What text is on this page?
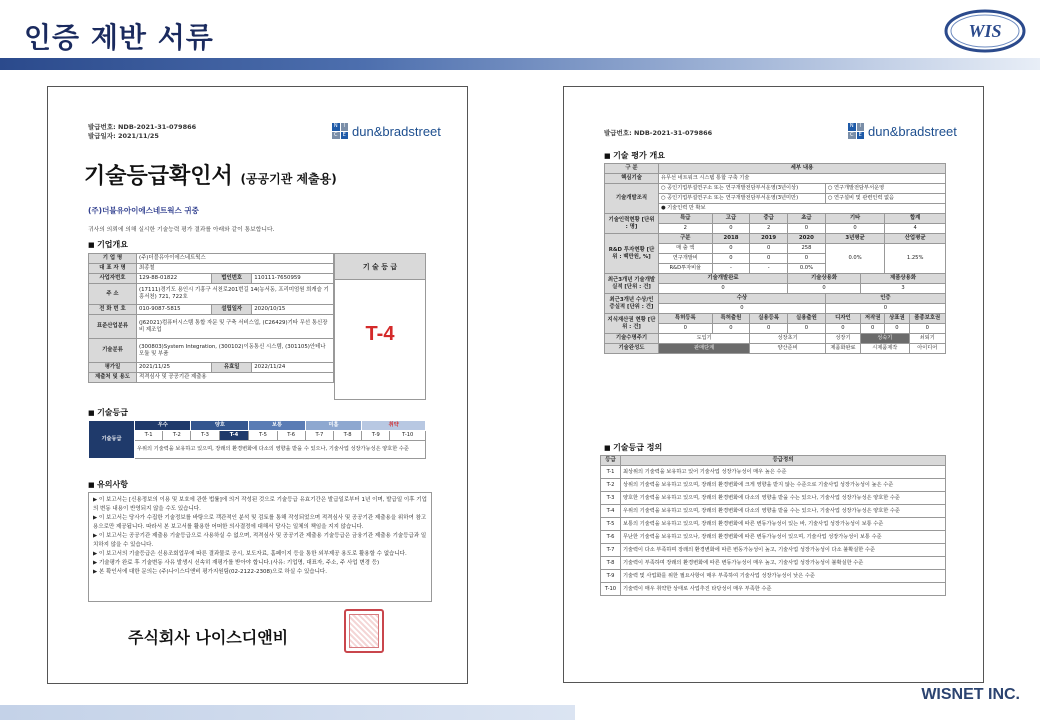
인증 제반 서류	WIS
발급번호: NDB-2021-31-079866
발급일자: 2021/11/25
N	I
C	E dun&bradstreet
기술등급확인서 (공공기관 제출용)
(주)더블유아이에스네트웍스 귀중
귀사의 의뢰에 의해 실시한 기술능력 평가 결과를 아래와 같이 통보합니다.
■ 기업개요
기 업 명	(주)더블유아이에스네트웍스		
대 표 자 명	최종철		
사업자번호	129-88-01822	법인번호	110111-7650959
주 소	(17111)경기도 용인시 기흥구 서천로201번길 14(농서동, 프리미엄원 희캐슬 기흥서천) 721, 722호		
전 화 번 호	010-9087-5815	설립일자	2020/10/15
표준산업분류	(J62021)컴퓨터시스템 통합 자문 및 구축 서비스업, (C26429)기타 무선 통신장비 제조업		
기술분류	(300803)System Integration, (300102)이동통신 시스템, (301105)안테나 모듈 및 부품		
평가일	2021/11/25	유효일	2022/11/24
제출처 및 용도	적격심사 및 공공기관 제출용		
기 술 등 급
T-4
■ 기술등급
기술등급	우수		양호		보통		미흡		취약	
	T-1	T-2	T-3	T-4	T-5	T-6	T-7	T-8	T-9	T-10
	우위의 기술력을 보유하고 있으며, 장래의 환경변화에 다소의 영향을 받을 수 있으나, 기술사업 성장가능성은 양호한 수준									
■ 유의사항

▶ 이 보고서는 [신용정보의 이용 및 보호에 관한 법률]에 의거 작성된 것으로 기술등급 유효기간은 발급일로부터 1년 이며, 발급일 이후 기업의 변동 내용이 반영되지 않을 수도 있습니다.

▶ 이 보고서는 당사가 수집한 기술정보를 바탕으로 객관적인 분석 및 검토를 통해 작성되었으며 적격심사 및 공공기관 제출용을 위하여 참고용으로만 제공됩니다. 따라서 본 보고서를 활용한 어떠한 의사결정에 대해서 당사는 일체의 책임을 지지 않습니다.

▶ 이 보고서는 공공기관 제출용 기술등급으로 사용하실 수 없으며, 적격심사 및 공공기관 제출용 기술등급은 금융기관 제출용 기술등급과 일치하지 않을 수 있습니다.

▶ 이 보고서의 기술등급은 신용조회업무에 따른 결과물로 공시, 보도자료, 홈페이지 등을 통한 외부제공 용도로 활용할 수 없습니다.

▶ 기술평가 완료 후 기술변동 사유 발생시 신속히 재평가를 받아야 합니다.(사유: 기업명, 대표자, 주소, 주 사업 변경 등)

▶ 본 확인서에 대한 문의는 (주)나이스디앤비 평가지원팀(02-2122-2308)으로 하실 수 있습니다.

주식회사 나이스디앤비
발급번호: NDB-2021-31-079866
N	I
C	E dun&bradstreet
■ 기술 평가 개요
구 분	세부 내용							
핵심기술	유무선 네트워크 시스템 통합 구축 기술							
기술개발조직	○ 공인기업부설연구소 또는 연구개발전담부서운영(3년이상)				○ 연구개발전담부서운영			
	○ 공인기업부설연구소 또는 연구개발전담부서운영(3년미만)				○ 연구설비 및 관련인력 없음			
	● 기술인력 만 확보							
기술인력현황 [단위 : 명]	특급	고급	중급	초급	기타		합계	
	2	0	2	0	0		4	
R&D 투자현황 [단위 : 백만원, %]	구분	2018	2019	2020	3년평균		산업평균	
	매 출 액	0	0	258	0.0%		1.25%	
	연구개발비	0	0	0				
	R&D투자비율	-	-	0.0%				
최근3개년 기술개발실적 [단위 : 건]	기술개발완료			기술상용화		제품상용화		
	0			0		3		
최근3개년 수상/인증실적 [단위 : 건]	수상				인증			
	0				0			
지식재산권 현황 [단위 : 건]	특허등록	특허출원	실용등록	실용출원	디자인	저작권	상표권	품종보호권
	0	0	0	0	0	0	0	0
기술수명주기	도입기		성장초기		성장기	성숙기		쇠퇴기
기술완성도	판매단계		양산준비		제품화완료	시제품제작		아이디어
■ 기술등급 정의
등급	등급정의
T-1	최상위의 기술력을 보유하고 있어 기술사업 성장가능성이 매우 높은 수준
T-2	상위의 기술력을 보유하고 있으며, 장래의 환경변화에 크게 영향을 받지 않는 수준으로 기술사업 성장가능성이 높은 수준
T-3	양호한 기술력을 보유하고 있으며, 장래의 환경변화에 다소의 영향을 받을 수는 있으나, 기술사업 성장가능성은 양호한 수준
T-4	우위의 기술력을 보유하고 있으며, 장래의 환경변화에 다소의 영향을 받을 수는 있으나, 기술사업 성장가능성은 양호한 수준
T-5	보통의 기술력을 보유하고 있으며, 장래의 환경변화에 따른 변동가능성이 있는 바, 기술사업 성장가능성이 보통 수준
T-6	무난한 기술력을 보유하고 있으나, 장래의 환경변화에 따른 변동가능성이 있으며, 기술사업 성장가능성이 보통 수준
T-7	기술력이 다소 부족하며 장래의 환경변화에 따른 변동가능성이 높고, 기술사업 성장가능성이 다소 불확실한 수준
T-8	기술력이 부족하며 장래의 환경변화에 따른 변동가능성이 매우 높고, 기술사업 성장가능성이 불확실한 수준
T-9	기술력 및 사업화를 위한 필요사항이 매우 부족하여 기술사업 성장가능성이 낮은 수준
T-10	기술력이 매우 취약한 상태로 사업추진 타당성이 매우 부족한 수준
WISNET INC.
